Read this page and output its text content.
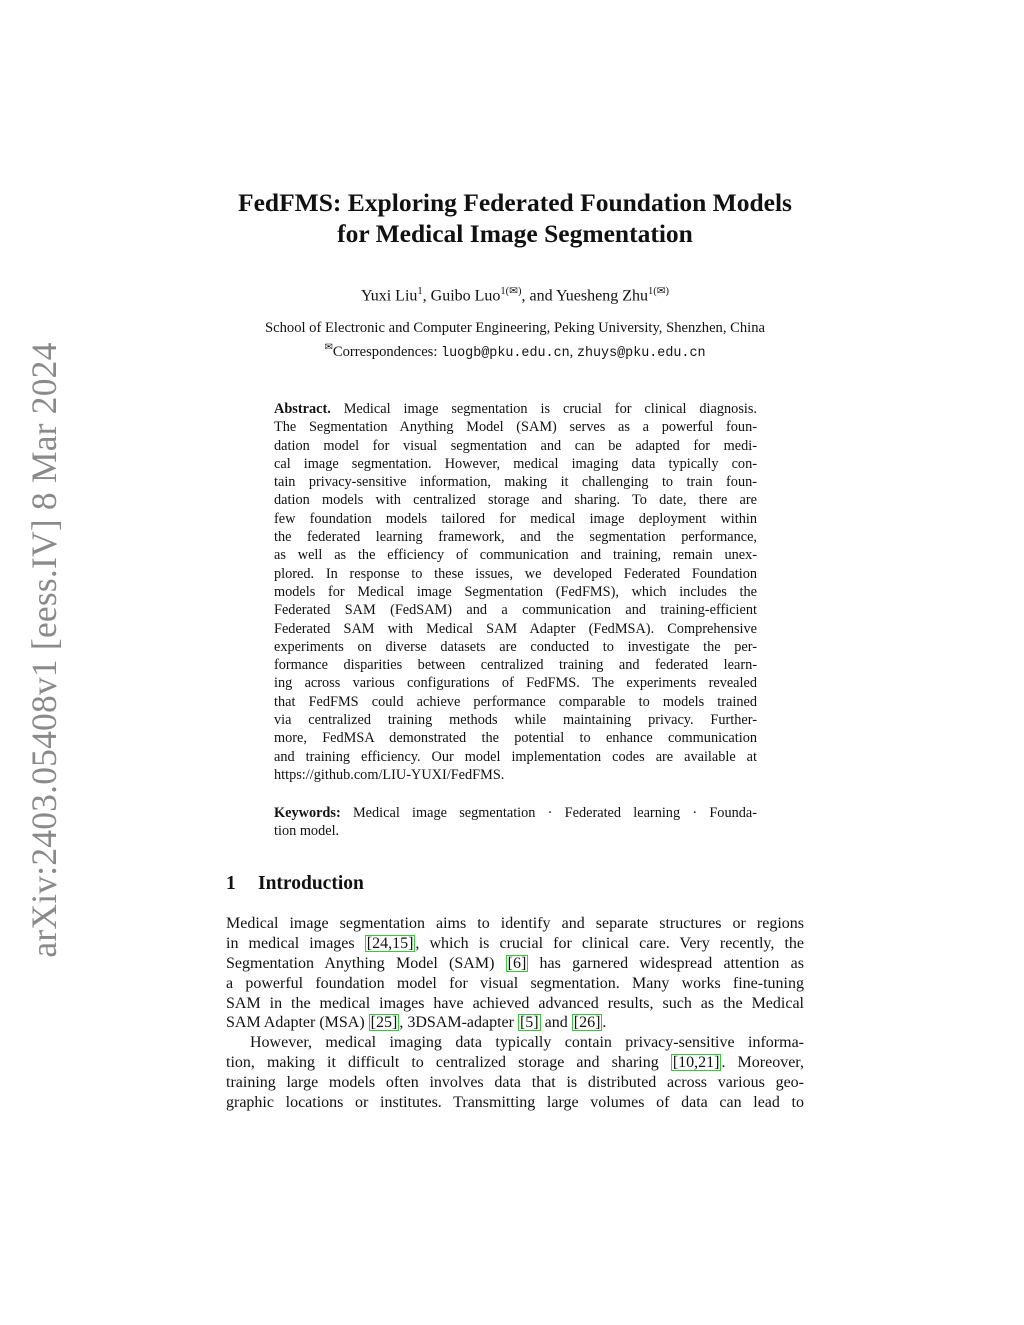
arXiv:2403.05408v1 [eess.IV] 8 Mar 2024
FedFMS: Exploring Federated Foundation Models
for Medical Image Segmentation
Yuxi Liu$^1$, Guibo Luo$^{1(✉)}$, and Yuesheng Zhu$^{1(✉)}$
School of Electronic and Computer Engineering, Peking University, Shenzhen, China
✉Correspondences: luogb@pku.edu.cn, zhuys@pku.edu.cn
Abstract. Medical image segmentation is crucial for clinical diagnosis.
The Segmentation Anything Model (SAM) serves as a powerful foun-
dation model for visual segmentation and can be adapted for medi-
cal image segmentation. However, medical imaging data typically con-
tain privacy-sensitive information, making it challenging to train foun-
dation models with centralized storage and sharing. To date, there are
few foundation models tailored for medical image deployment within
the federated learning framework, and the segmentation performance,
as well as the efficiency of communication and training, remain unex-
plored. In response to these issues, we developed Federated Foundation
models for Medical image Segmentation (FedFMS), which includes the
Federated SAM (FedSAM) and a communication and training-efficient
Federated SAM with Medical SAM Adapter (FedMSA). Comprehensive
experiments on diverse datasets are conducted to investigate the per-
formance disparities between centralized training and federated learn-
ing across various configurations of FedFMS. The experiments revealed
that FedFMS could achieve performance comparable to models trained
via centralized training methods while maintaining privacy. Further-
more, FedMSA demonstrated the potential to enhance communication
and training efficiency. Our model implementation codes are available at
https://github.com/LIU-YUXI/FedFMS.
Keywords: Medical image segmentation · Federated learning · Founda-
tion model.
1 Introduction
Medical image segmentation aims to identify and separate structures or regions
in medical images [24,15] , which is crucial for clinical care. Very recently, the
Segmentation Anything Model (SAM) [6] has garnered widespread attention as
a powerful foundation model for visual segmentation. Many works fine-tuning
SAM in the medical images have achieved advanced results, such as the Medical
SAM Adapter (MSA) [25] , 3DSAM-adapter [5] and [26] .
However, medical imaging data typically contain privacy-sensitive informa-
tion, making it difficult to centralized storage and sharing [10,21] . Moreover,
training large models often involves data that is distributed across various geo-
graphic locations or institutes. Transmitting large volumes of data can lead to
